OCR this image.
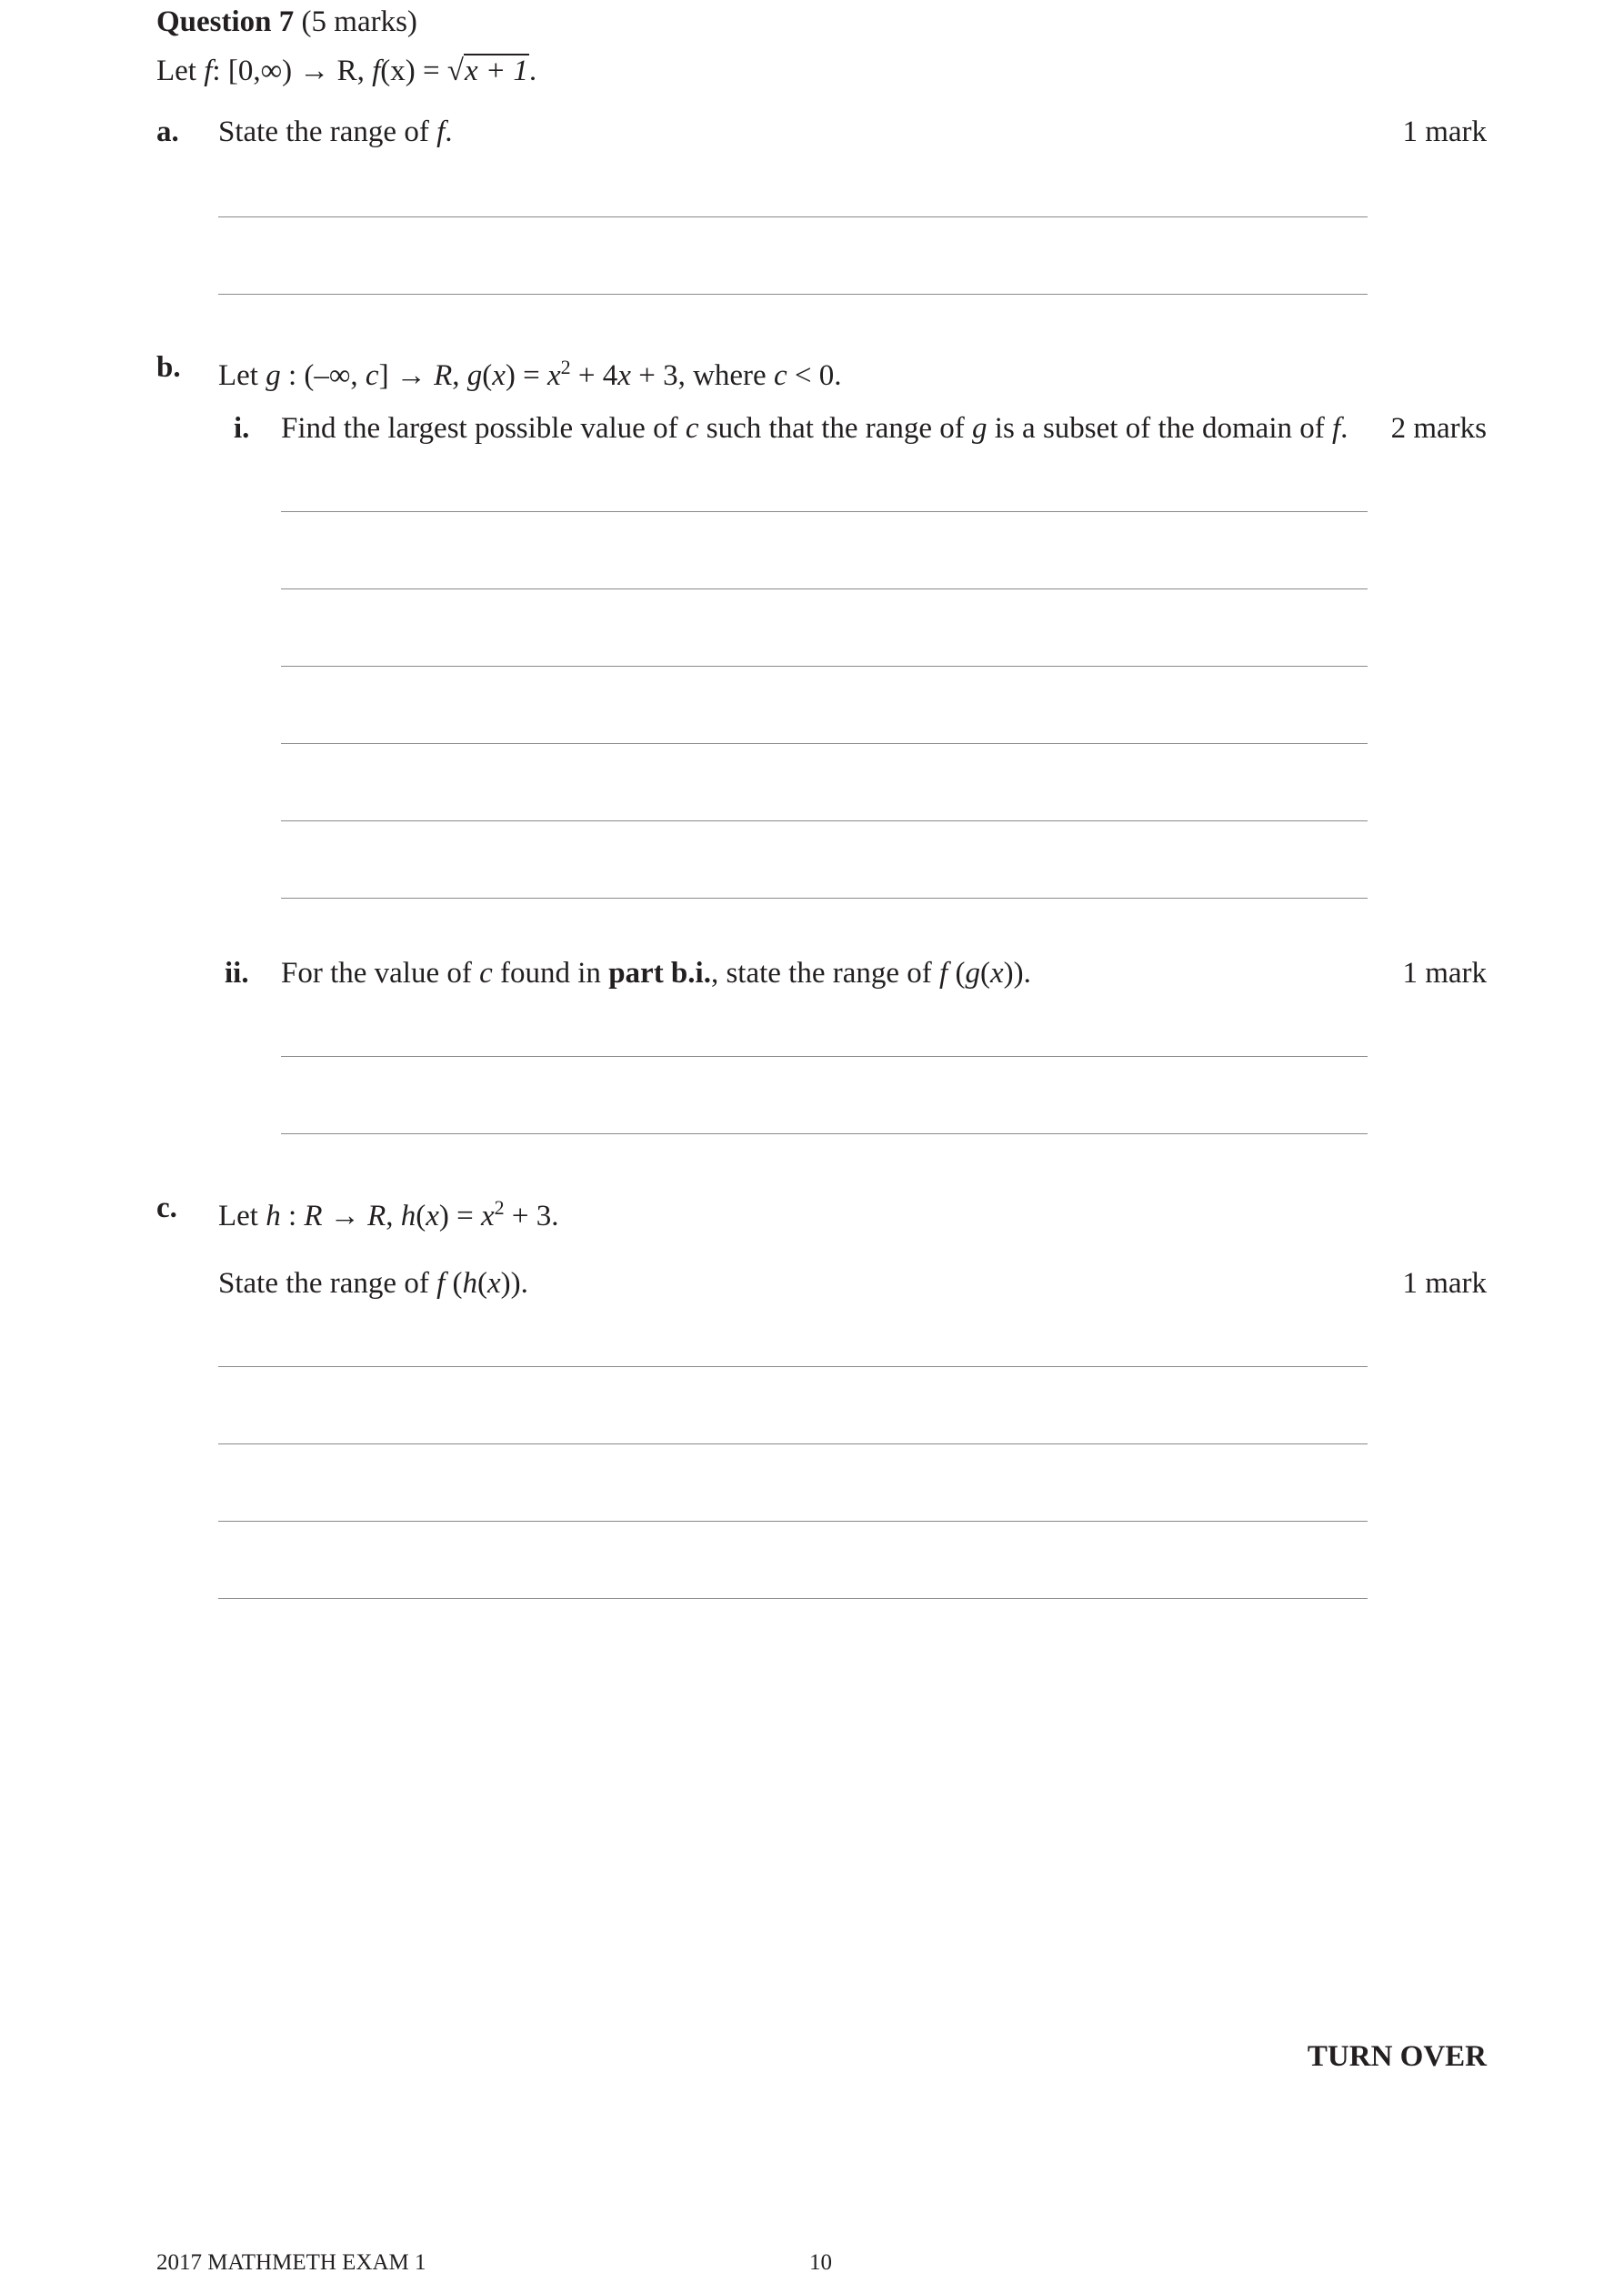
Question 7 (5 marks)
Let f: [0,∞) → R, f(x) = √x + 1.
a. State the range of f.	1 mark
b. Let g : (–∞, c] → R, $g(x) = x^2 + 4x + 3$, where c < 0.
i. Find the largest possible value of c such that the range of g is a subset of the domain of f.	2 marks
ii. For the value of c found in part b.i., state the range of f (g(x)).	1 mark
c. Let h : R → R, $h(x) = x^2 + 3$.
State the range of f (h(x)).	1 mark
TURN OVER
2017 MATHMETH EXAM 1	10
